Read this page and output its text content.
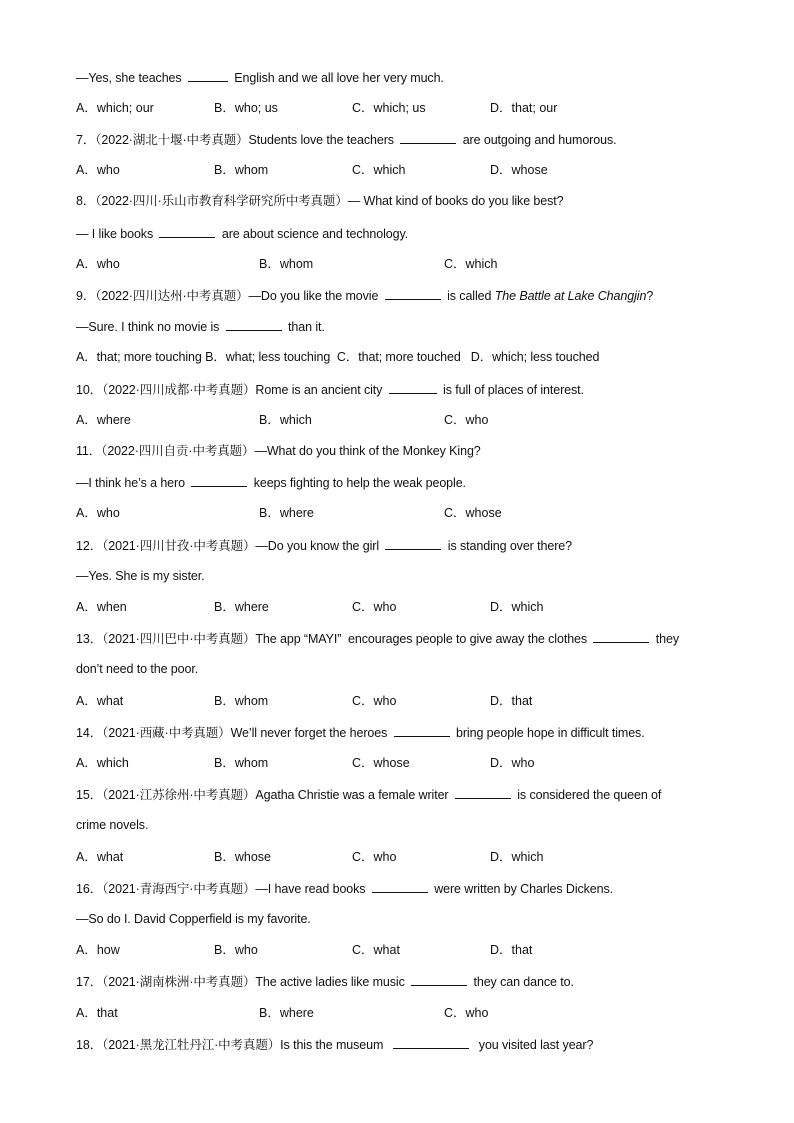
—Yes, she teaches	English and we all love her very much.
A．which; our	B．who; us	C．which; us	D．that; our
7．（2022·湖北十堰·中考真题）Students love the teachers	are outgoing and humorous.
A．who	B．whom	C．which	D．whose
8．（2022·四川·乐山市教育科学研究所中考真题）— What kind of books do you like best?
— I like books	are about science and technology.
A．who	B．whom	C．which
9．（2022·四川达州·中考真题）—Do you like the movie	is called The Battle at Lake Changjin?
—Sure. I think no movie is	than it.
A．that; more touching B．what; less touching  C．that; more touched   D．which; less touched
10．（2022·四川成都·中考真题）Rome is an ancient city	is full of places of interest.
A．where	B．which	C．who
11．（2022·四川自贡·中考真题）—What do you think of the Monkey King?
—I think he’s a hero	keeps fighting to help the weak people.
A．who	B．where	C．whose
12．（2021·四川甘孜·中考真题）—Do you know the girl	is standing over there?
—Yes. She is my sister.
A．when	B．where	C．who	D．which
13．（2021·四川巴中·中考真题）The app “MAYI”  encourages people to give away the clothes	they
don’t need to the poor.
A．what	B．whom	C．who	D．that
14．（2021·西藏·中考真题）We’ll never forget the heroes	bring people hope in difficult times.
A．which	B．whom	C．whose	D．who
15．（2021·江苏徐州·中考真题）Agatha Christie was a female writer	is considered the queen of
crime novels.
A．what	B．whose	C．who	D．which
16．（2021·青海西宁·中考真题）—I have read books	were written by Charles Dickens.
—So do I. David Copperfield is my favorite.
A．how	B．who	C．what	D．that
17．（2021·湖南株洲·中考真题）The active ladies like music	they can dance to.
A．that	B．where	C．who
18．（2021·黑龙江牡丹江·中考真题）Is this the museum	you visited last year?
